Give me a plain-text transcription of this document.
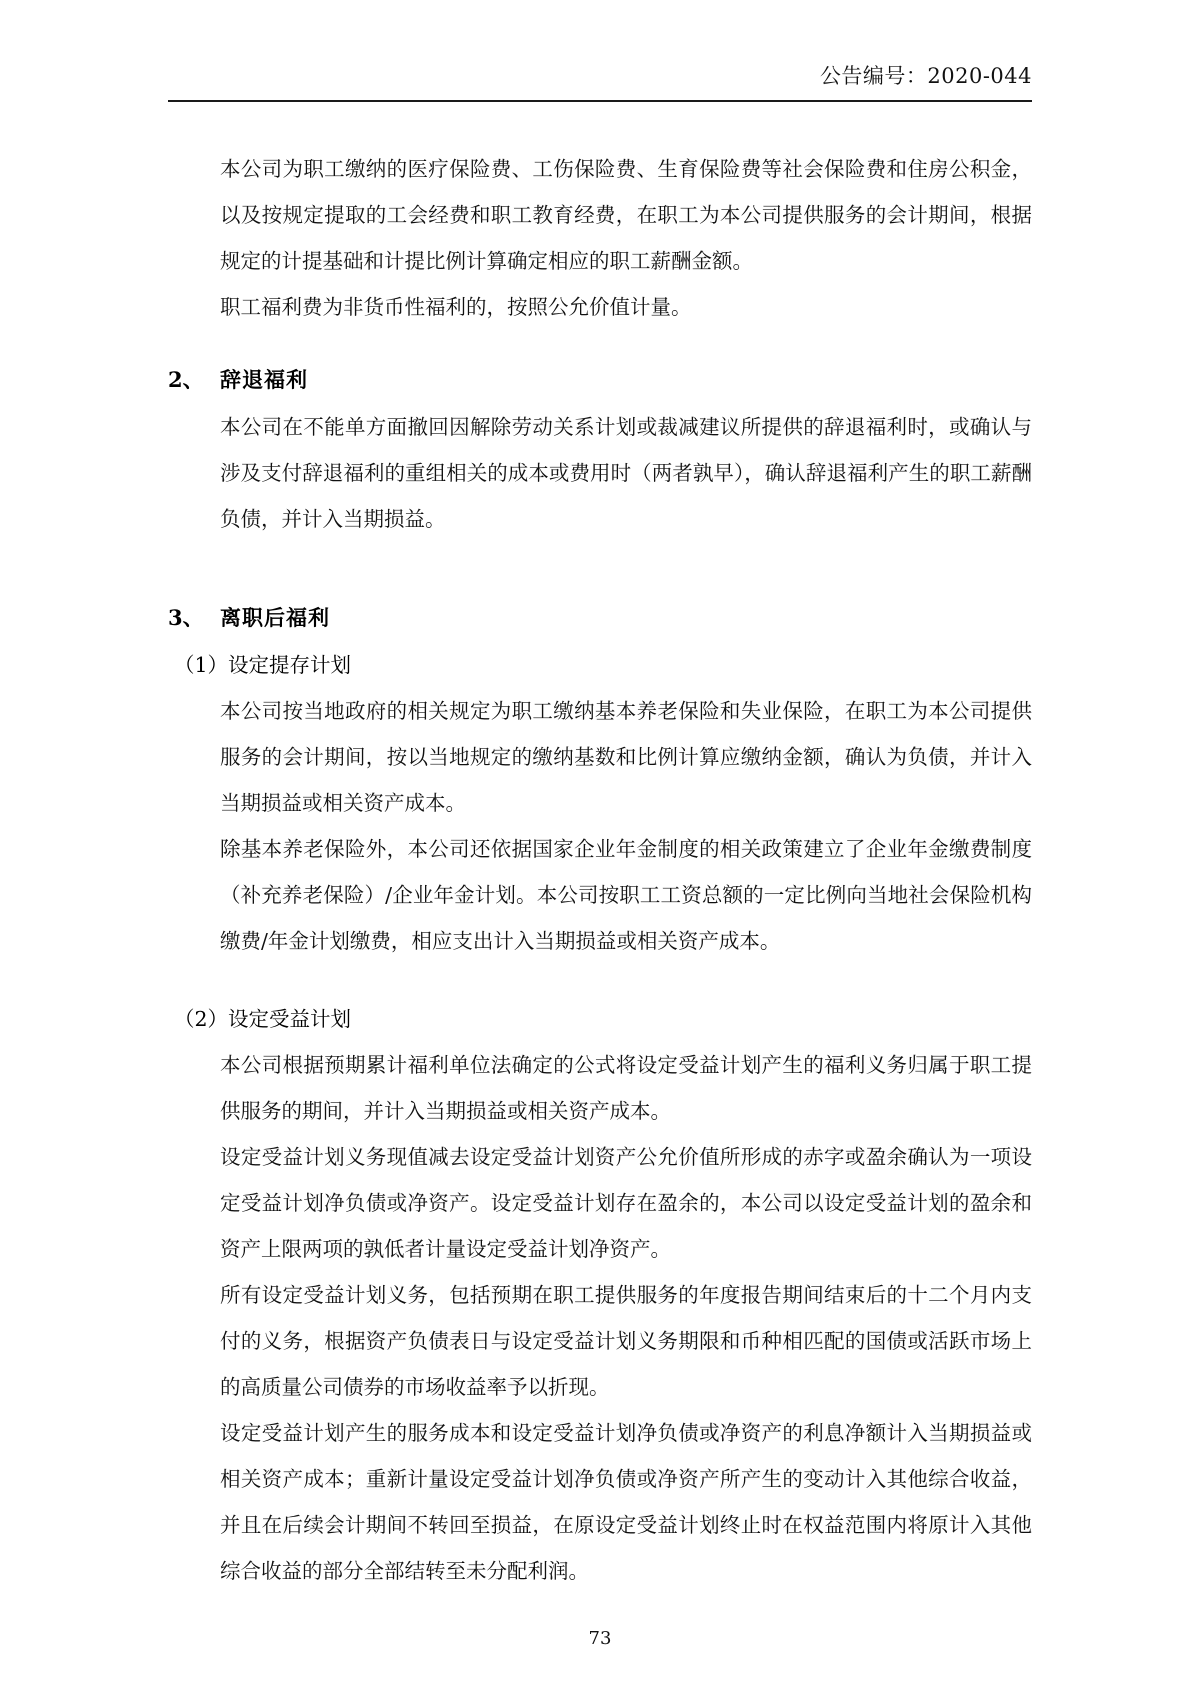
公告编号：2020-044

本公司为职工缴纳的医疗保险费、工伤保险费、生育保险费等社会保险费和住房公积金，以及按规定提取的工会经费和职工教育经费，在职工为本公司提供服务的会计期间，根据规定的计提基础和计提比例计算确定相应的职工薪酬金额。

职工福利费为非货币性福利的，按照公允价值计量。

2、 辞退福利

本公司在不能单方面撤回因解除劳动关系计划或裁减建议所提供的辞退福利时，或确认与涉及支付辞退福利的重组相关的成本或费用时（两者孰早），确认辞退福利产生的职工薪酬负债，并计入当期损益。

3、 离职后福利
（1）设定提存计划

本公司按当地政府的相关规定为职工缴纳基本养老保险和失业保险，在职工为本公司提供服务的会计期间，按以当地规定的缴纳基数和比例计算应缴纳金额，确认为负债，并计入当期损益或相关资产成本。

除基本养老保险外，本公司还依据国家企业年金制度的相关政策建立了企业年金缴费制度（补充养老保险）/企业年金计划。本公司按职工工资总额的一定比例向当地社会保险机构缴费/年金计划缴费，相应支出计入当期损益或相关资产成本。

（2）设定受益计划

本公司根据预期累计福利单位法确定的公式将设定受益计划产生的福利义务归属于职工提供服务的期间，并计入当期损益或相关资产成本。

设定受益计划义务现值减去设定受益计划资产公允价值所形成的赤字或盈余确认为一项设定受益计划净负债或净资产。设定受益计划存在盈余的，本公司以设定受益计划的盈余和资产上限两项的孰低者计量设定受益计划净资产。

所有设定受益计划义务，包括预期在职工提供服务的年度报告期间结束后的十二个月内支付的义务，根据资产负债表日与设定受益计划义务期限和币种相匹配的国债或活跃市场上的高质量公司债券的市场收益率予以折现。

设定受益计划产生的服务成本和设定受益计划净负债或净资产的利息净额计入当期损益或相关资产成本；重新计量设定受益计划净负债或净资产所产生的变动计入其他综合收益，并且在后续会计期间不转回至损益，在原设定受益计划终止时在权益范围内将原计入其他综合收益的部分全部结转至未分配利润。

73
